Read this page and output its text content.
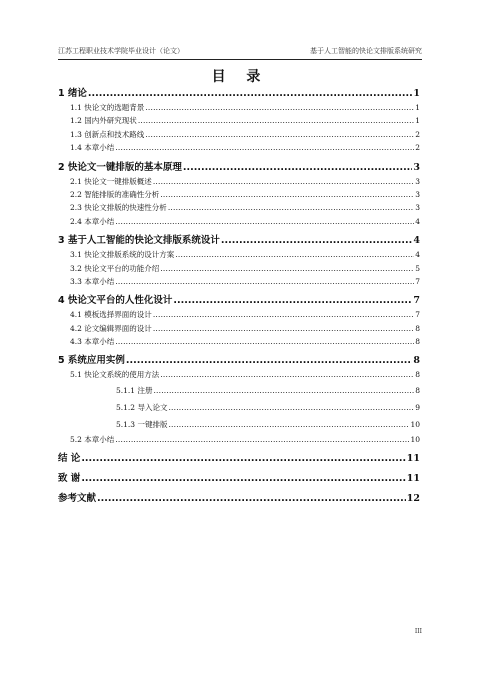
江苏工程职业技术学院毕业设计（论文）	基于人工智能的快论文排版系统研究
目 录
1 绪论 .....	1
1.1 快论文的选题背景 .....	1
1.2 国内外研究现状 .....	1
1.3 创新点和技术路线 .....	2
1.4 本章小结 .....	2
2 快论文一键排版的基本原理 .....	3
2.1 快论文一键排版概述 .....	3
2.2 智能排版的准确性分析 .....	3
2.3 快论文排版的快速性分析 .....	3
2.4 本章小结 .....	4
3 基于人工智能的快论文排版系统设计 .....	4
3.1 快论文排版系统的设计方案 .....	4
3.2 快论文平台的功能介绍 .....	5
3.3 本章小结 .....	7
4 快论文平台的人性化设计 .....	7
4.1 模板选择界面的设计 .....	7
4.2 论文编辑界面的设计 .....	8
4.3 本章小结 .....	8
5 系统应用实例 .....	8
5.1 快论文系统的使用方法 .....	8
5.1.1 注册 .....	8
5.1.2 导入论文 .....	9
5.1.3 一键排版 .....	10
5.2 本章小结 .....	10
结 论 .....	11
致 谢 .....	11
参考文献 .....	12
III
